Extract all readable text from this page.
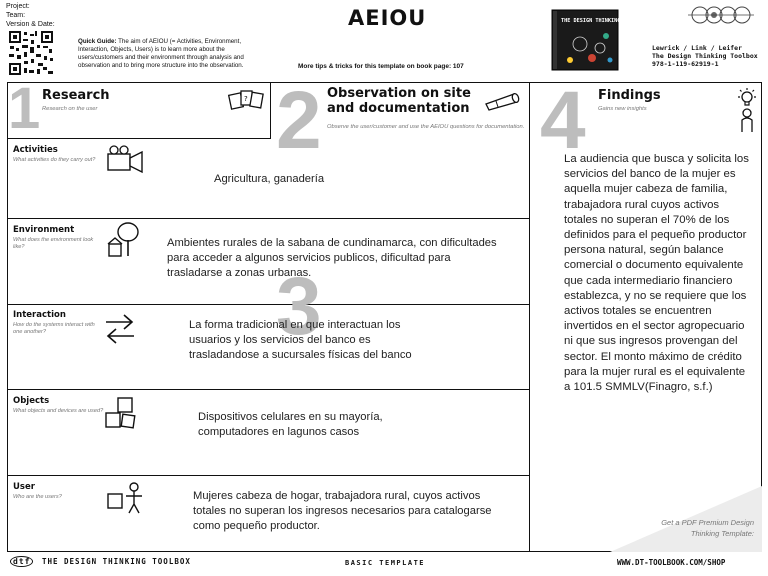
Project:
Team:
Version & Date:
Quick Guide: The aim of AEIOU (= Activities, Environment, Interaction, Objects, Users) is to learn more about the users/customers and their environment through analysis and observation and to bring more structure into the observation.
AEIOU
More tips & tricks for this template on book page: 107
THE DESIGN THINKING TOOLBOX
Lewrick / Link / Leifer
The Design Thinking Toolbox
978-1-119-62919-1
1 Research
Research on the user
? 2 Observation on site and documentation
Observe the user/customer and use the AEIOU questions for documentation.
3
Activities
What activities do they carry out?
Agricultura, ganadería
Environment
What does the environment look like?	Ambientes rurales de la sabana de cundinamarca, con dificultades para acceder a algunos servicios publicos, dificultad para trasladarse a zonas urbanas.
Interaction
How do the systems interact with one another?
La forma tradicional en que interactuan los usuarios y los servicios del banco es trasladandose a sucursales físicas del banco
Objects
What objects and devices are used?	Dispositivos celulares en su mayoría, computadores en lagunos casos
User
Who are the users?	Mujeres cabeza de hogar, trabajadora rural, cuyos activos totales no superan los ingresos necesarios para catalogarse como pequeño productor.
4 Findings
Gains new insights
La audiencia que busca y solicita los servicios del banco de la mujer es aquella mujer cabeza de familia, trabajadora rural cuyos activos totales no superan el 70% de los definidos para el pequeño productor persona natural, según balance comercial o documento equivalente que cada intermediario financiero establezca, y no se requiere que los activos totales se encuentren invertidos en el sector agropecuario ni que sus ingresos provengan del sector. El monto máximo de crédito para la mujer rural es el equivalente a 101.5 SMMLV(Finagro, s.f.)
Get a PDF Premium Design Thinking Template:
dtf THE DESIGN THINKING TOOLBOX	BASIC TEMPLATE	WWW.DT-TOOLBOOK.COM/SHOP
